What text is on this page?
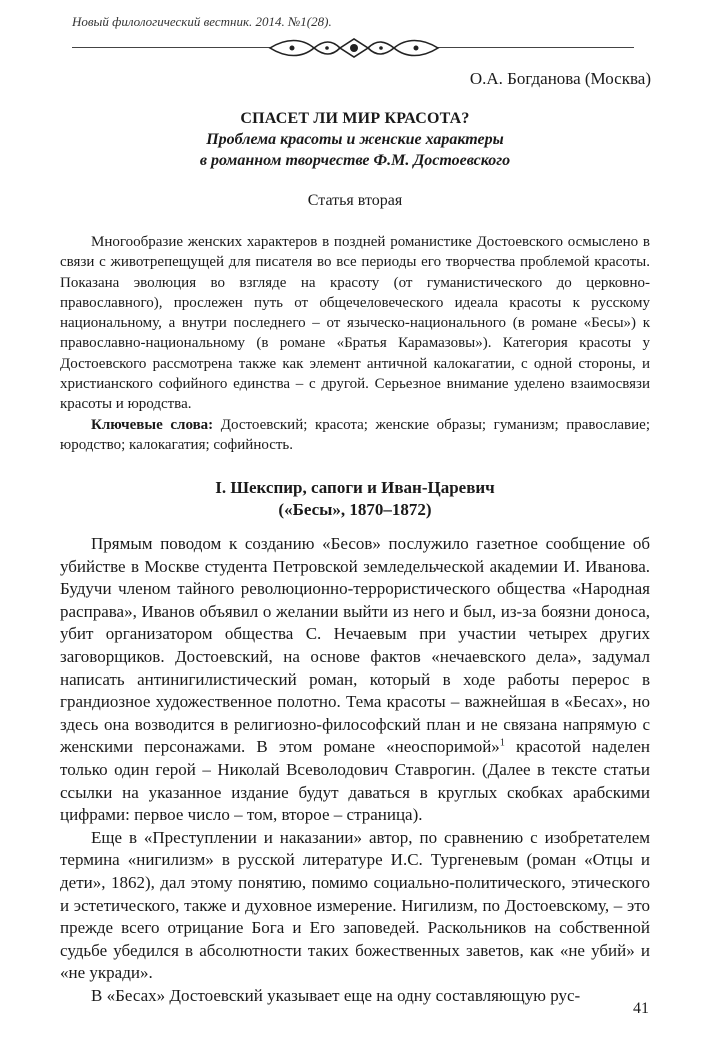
Новый филологический вестник. 2014. №1(28).
О.А. Богданова (Москва)
СПАСЕТ ЛИ МИР КРАСОТА?
Проблема красоты и женские характеры
в романном творчестве Ф.М. Достоевского
Статья вторая

Многообразие женских характеров в поздней романистике Достоевского осмыслено в связи с животрепещущей для писателя во все периоды его творчества проблемой красоты. Показана эволюция во взгляде на красоту (от гуманистического до церковно-православного), прослежен путь от общечеловеческого идеала красоты к русскому национальному, а внутри последнего – от язычеcко-национального (в романе «Бесы») к православно-национальному (в романе «Братья Карамазовы»). Категория красоты у Достоевского рассмотрена также как элемент античной калокагатии, с одной стороны, и христианского софийного единства – с другой. Серьезное внимание уделено взаимосвязи красоты и юродства.

Ключевые слова: Достоевский; красота; женские образы; гуманизм; православие; юродство; калокагатия; софийность.

I. Шекспир, сапоги и Иван-Царевич
(«Бесы», 1870–1872)

Прямым поводом к созданию «Бесов» послужило газетное сообщение об убийстве в Москве студента Петровской земледельческой академии И. Иванова. Будучи членом тайного революционно-террористического общества «Народная расправа», Иванов объявил о желании выйти из него и был, из-за боязни доноса, убит организатором общества С. Нечаевым при участии четырех других заговорщиков. Достоевский, на основе фактов «нечаевского дела», задумал написать антинигилистический роман, который в ходе работы перерос в грандиозное художественное полотно. Тема красоты – важнейшая в «Бесах», но здесь она возводится в религиозно-философский план и не связана напрямую с женскими персонажами. В этом романе «неоспоримой»$^1$ красотой наделен только один герой – Николай Всеволодович Ставрогин. (Далее в тексте статьи ссылки на указанное издание будут даваться в круглых скобках арабскими цифрами: первое число – том, второе – страница).

Еще в «Преступлении и наказании» автор, по сравнению с изобретателем термина «нигилизм» в русской литературе И.С. Тургеневым (роман «Отцы и дети», 1862), дал этому понятию, помимо социально-политического, этического и эстетического, также и духовное измерение. Нигилизм, по Достоевскому, – это прежде всего отрицание Бога и Его заповедей. Раскольников на собственной судьбе убедился в абсолютности таких божественных заветов, как «не убий» и «не укради».

В «Бесах» Достоевский указывает еще на одну составляющую рус-

41
